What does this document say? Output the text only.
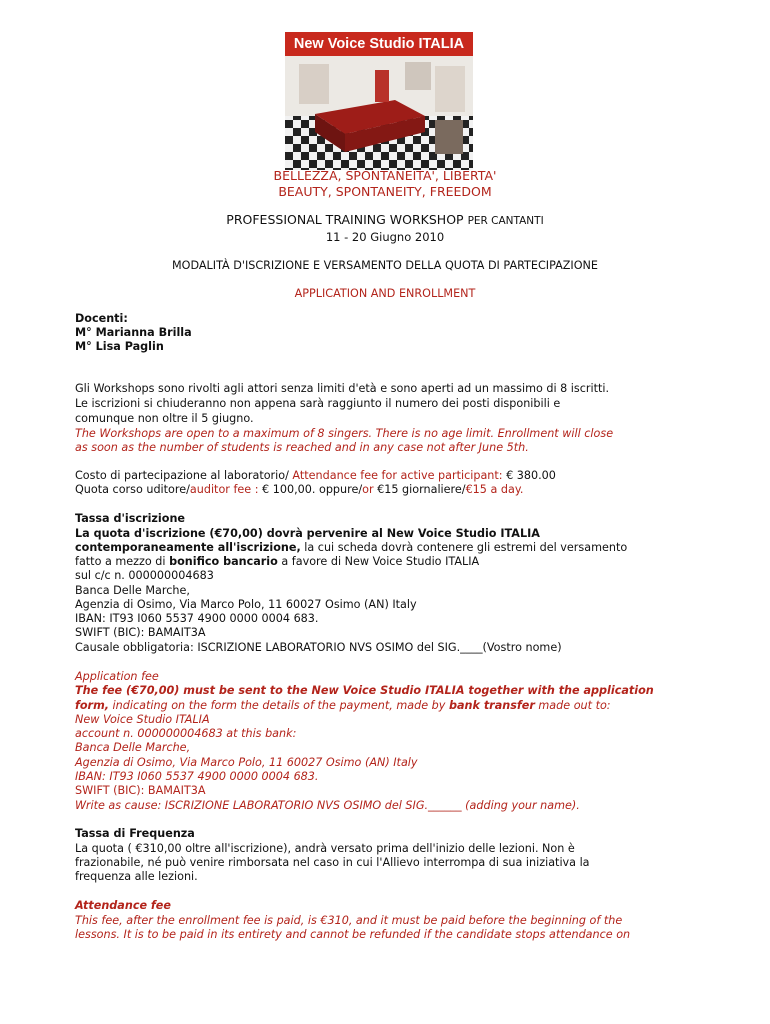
New Voice Studio ITALIA
BELLEZZA, SPONTANEITA', LIBERTA'
BEAUTY, SPONTANEITY, FREEDOM
PROFESSIONAL TRAINING WORKSHOP PER CANTANTI
11 - 20 Giugno 2010
MODALITÀ D'ISCRIZIONE E VERSAMENTO DELLA QUOTA DI PARTECIPAZIONE
APPLICATION AND ENROLLMENT
Docenti:
M° Marianna Brilla
M° Lisa Paglin
Gli Workshops sono rivolti agli attori senza limiti d'età e sono aperti ad un massimo di 8 iscritti.
Le iscrizioni si chiuderanno non appena sarà raggiunto il numero dei posti disponibili e
comunque non oltre il 5 giugno.
The Workshops are open to a maximum of 8 singers. There is no age limit. Enrollment will close
as soon as the number of students is reached and in any case not after June 5th.
Costo di partecipazione al laboratorio/ Attendance fee for active participant: € 380.00
Quota corso uditore/auditor fee : € 100,00. oppure/or €15 giornaliere/€15 a day.
Tassa d'iscrizione
La quota d'iscrizione (€70,00) dovrà pervenire al New Voice Studio ITALIA
contemporaneamente all'iscrizione, la cui scheda dovrà contenere gli estremi del versamento
fatto a mezzo di bonifico bancario a favore di New Voice Studio ITALIA
sul c/c n. 000000004683
Banca Delle Marche,
Agenzia di Osimo, Via Marco Polo, 11 60027 Osimo (AN) Italy
IBAN: IT93 I060 5537 4900 0000 0004 683.
SWIFT (BIC): BAMAIT3A
Causale obbligatoria: ISCRIZIONE LABORATORIO NVS OSIMO del SIG.____(Vostro nome)
Application fee
The fee (€70,00) must be sent to the New Voice Studio ITALIA together with the application
form, indicating on the form the details of the payment, made by bank transfer made out to:
New Voice Studio ITALIA
account n. 000000004683 at this bank:
Banca Delle Marche,
Agenzia di Osimo, Via Marco Polo, 11 60027 Osimo (AN) Italy
IBAN: IT93 I060 5537 4900 0000 0004 683.
SWIFT (BIC): BAMAIT3A
Write as cause: ISCRIZIONE LABORATORIO NVS OSIMO del SIG.______ (adding your name).
Tassa di Frequenza
La quota ( €310,00 oltre all'iscrizione), andrà versato prima dell'inizio delle lezioni. Non è
frazionabile, né può venire rimborsata nel caso in cui l'Allievo interrompa di sua iniziativa la
frequenza alle lezioni.
Attendance fee
This fee, after the enrollment fee is paid, is €310, and it must be paid before the beginning of the
lessons. It is to be paid in its entirety and cannot be refunded if the candidate stops attendance on
